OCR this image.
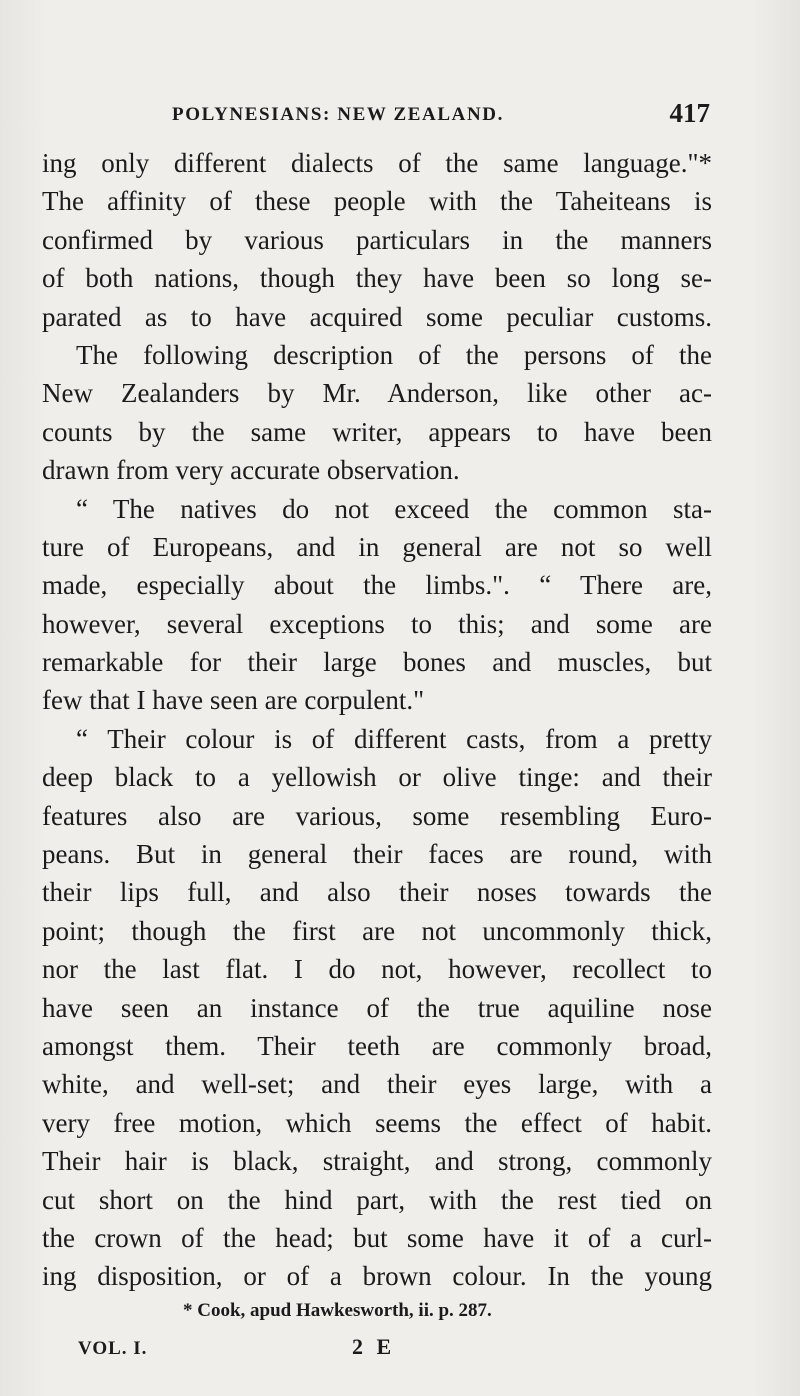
POLYNESIANS: NEW ZEALAND.	417
ing only different dialects of the same language."*
The affinity of these people with the Taheiteans is
confirmed by various particulars in the manners
of both nations, though they have been so long se-
parated as to have acquired some peculiar customs.
The following description of the persons of the
New Zealanders by Mr. Anderson, like other ac-
counts by the same writer, appears to have been
drawn from very accurate observation.
“ The natives do not exceed the common sta-
ture of Europeans, and in general are not so well
made, especially about the limbs.". “ There are,
however, several exceptions to this; and some are
remarkable for their large bones and muscles, but
few that I have seen are corpulent."
“ Their colour is of different casts, from a pretty
deep black to a yellowish or olive tinge: and their
features also are various, some resembling Euro-
peans. But in general their faces are round, with
their lips full, and also their noses towards the
point; though the first are not uncommonly thick,
nor the last flat. I do not, however, recollect to
have seen an instance of the true aquiline nose
amongst them. Their teeth are commonly broad,
white, and well-set; and their eyes large, with a
very free motion, which seems the effect of habit.
Their hair is black, straight, and strong, commonly
cut short on the hind part, with the rest tied on
the crown of the head; but some have it of a curl-
ing disposition, or of a brown colour. In the young
* Cook, apud Hawkesworth, ii. p. 287.
VOL. I.	2 E
